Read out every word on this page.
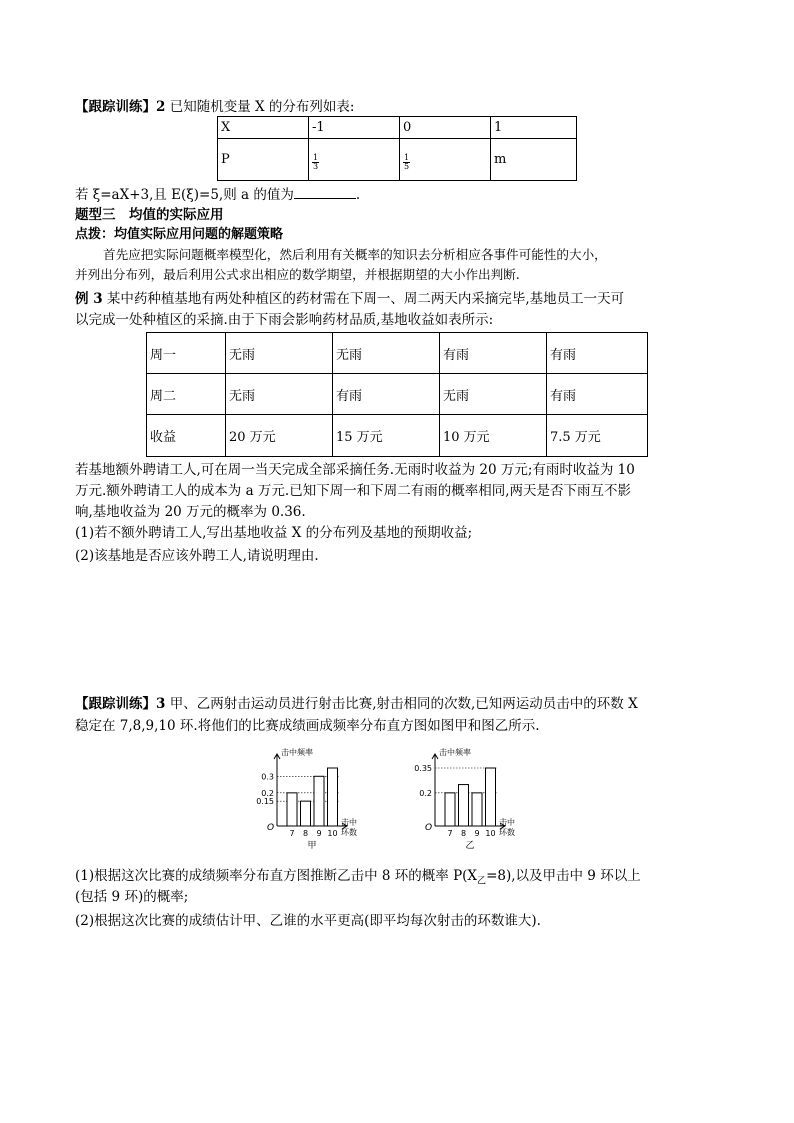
【跟踪训练】2 已知随机变量 X 的分布列如表:
X	-1	0	1
P	$\frac{1}{3}$	$\frac{1}{5}$	m
若 ξ=aX+3,且 E(ξ)=5,则 a 的值为	.
题型三　均值的实际应用
点拨：均值实际应用问题的解题策略
首先应把实际问题概率模型化，然后利用有关概率的知识去分析相应各事件可能性的大小，
并列出分布列，最后利用公式求出相应的数学期望，并根据期望的大小作出判断.
例 3 某中药种植基地有两处种植区的药材需在下周一、周二两天内采摘完毕,基地员工一天可
以完成一处种植区的采摘.由于下雨会影响药材品质,基地收益如表所示:
周一	无雨	无雨	有雨	有雨
周二	无雨	有雨	无雨	有雨
收益	20 万元	15 万元	10 万元	7.5 万元
若基地额外聘请工人,可在周一当天完成全部采摘任务.无雨时收益为 20 万元;有雨时收益为 10
万元.额外聘请工人的成本为 a 万元.已知下周一和下周二有雨的概率相同,两天是否下雨互不影
响,基地收益为 20 万元的概率为 0.36.
(1)若不额外聘请工人,写出基地收益 X 的分布列及基地的预期收益;
(2)该基地是否应该外聘工人,请说明理由.
【跟踪训练】3 甲、乙两射击运动员进行射击比赛,射击相同的次数,已知两运动员击中的环数 X
稳定在 7,8,9,10 环.将他们的比赛成绩画成频率分布直方图如图甲和图乙所示.
击中频率
O
0.15
0.2
0.3
7 8 9 10
击中
环数
甲
击中频率
O
0.2
0.35
7 8 9 10
击中
环数
乙
(1)根据这次比赛的成绩频率分布直方图推断乙击中 8 环的概率 $P(X_乙=8)$,以及甲击中 9 环以上
(包括 9 环)的概率;
(2)根据这次比赛的成绩估计甲、乙谁的水平更高(即平均每次射击的环数谁大).
